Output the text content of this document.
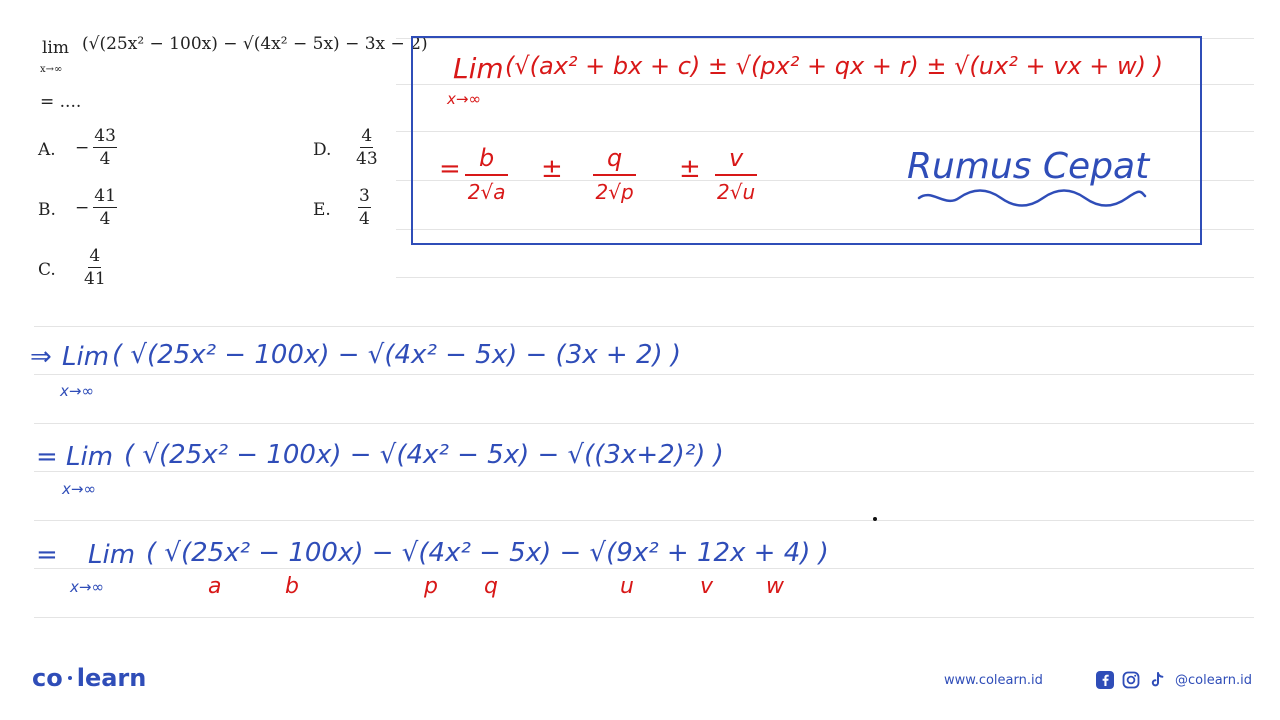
lim
x→∞
(√(25x² − 100x) − √(4x² − 5x) − 3x − 2)
= ....
A. − $\frac{43}{4}$
B. − $\frac{41}{4}$
C. $\frac{4}{41}$
D. $\frac{4}{43}$
E. $\frac{3}{4}$
Lim
x→∞
(√(ax² + bx + c) ± √(px² + qx + r) ± √(ux² + vx + w) )
= b
2√a
±	q
2√p
±	v
2√u
Rumus Cepat
⇒ Lim
x→∞
( √(25x² − 100x) − √(4x² − 5x) − (3x + 2) )
= Lim
x→∞
( √(25x² − 100x) − √(4x² − 5x) − √((3x+2)²) )
= Lim
x→∞
( √(25x² − 100x) − √(4x² − 5x) − √(9x² + 12x + 4) )
a	b	p q	u	v w
co learn	www.colearn.id	@colearn.id
